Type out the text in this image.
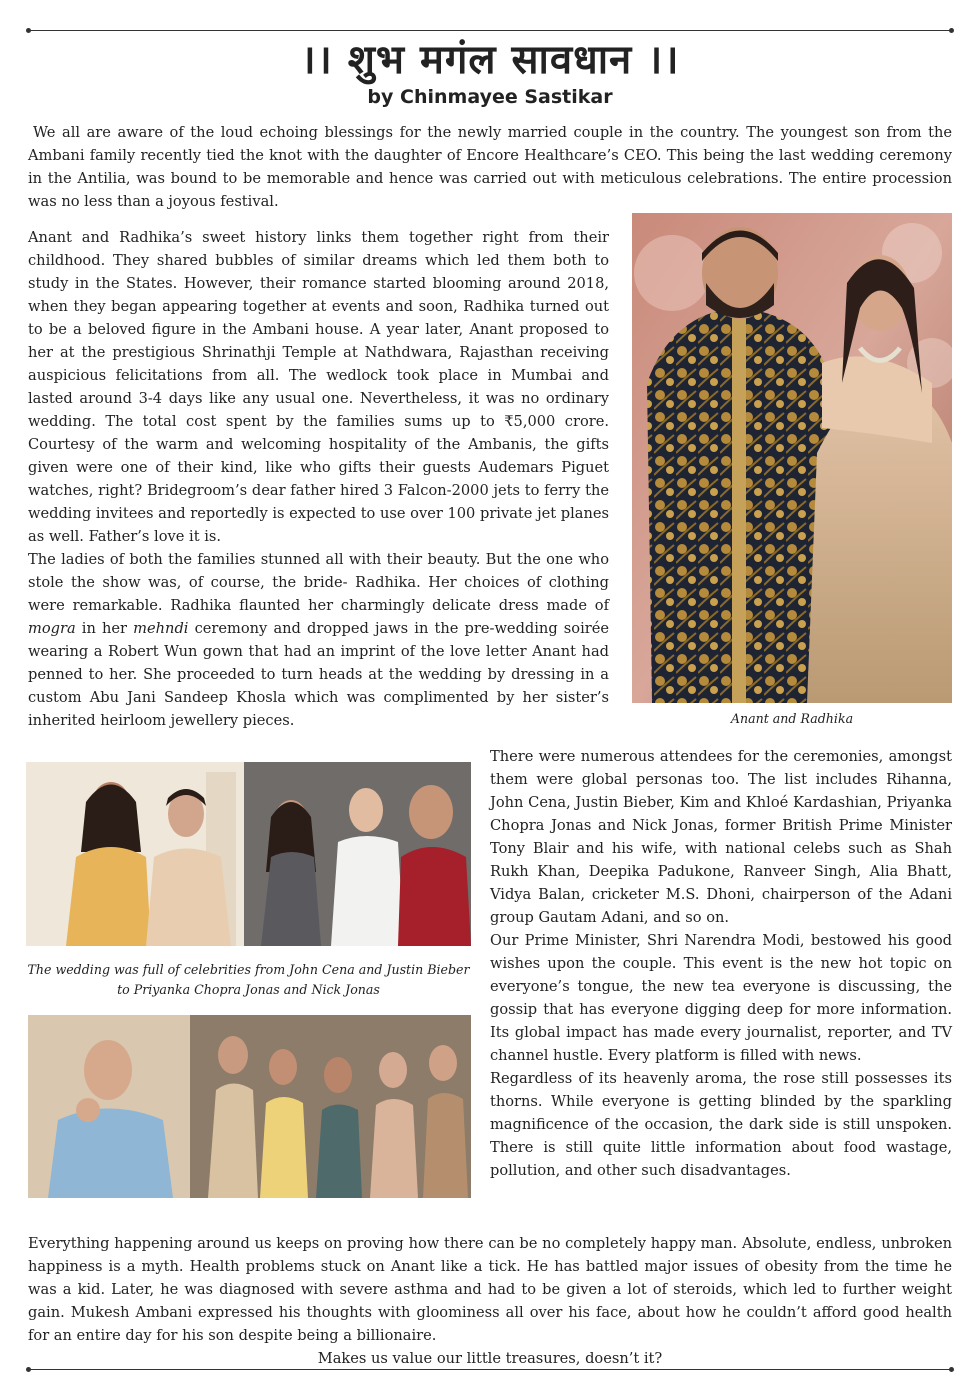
।। शुभ मगंल सावधान ।।
by Chinmayee Sastikar

We all are aware of the loud echoing blessings for the newly married couple in the country. The youngest son from the Ambani family recently tied the knot with the daughter of Encore Healthcare’s CEO. This being the last wedding ceremony in the Antilia, was bound to be memorable and hence was carried out with meticulous celebrations. The entire procession was no less than a joyous festival.

Anant and Radhika’s sweet history links them together right from their childhood. They shared bubbles of similar dreams which led them both to study in the States. However, their romance started blooming around 2018, when they began appearing together at events and soon, Radhika turned out to be a beloved figure in the Ambani house. A year later, Anant proposed to her at the prestigious Shrinathji Temple at Nathdwara, Rajasthan receiving auspicious felicitations from all. The wedlock took place in Mumbai and lasted around 3-4 days like any usual one. Nevertheless, it was no ordinary wedding. The total cost spent by the families sums up to ₹5,000 crore. Courtesy of the warm and welcoming hospitality of the Ambanis, the gifts given were one of their kind, like who gifts their guests Audemars Piguet watches, right? Bridegroom’s dear father hired 3 Falcon-2000 jets to ferry the wedding invitees and reportedly is expected to use over 100 private jet planes as well. Father’s love it is.

The ladies of both the families stunned all with their beauty. But the one who stole the show was, of course, the bride- Radhika. Her choices of clothing were remarkable. Radhika flaunted her charmingly delicate dress made of mogra in her mehndi ceremony and dropped jaws in the pre-wedding soirée wearing a Robert Wun gown that had an imprint of the love letter Anant had penned to her. She proceeded to turn heads at the wedding by dressing in a custom Abu Jani Sandeep Khosla which was complimented by her sister’s inherited heirloom jewellery pieces.	Anant and Radhika
The wedding was full of celebrities from John Cena and Justin Bieber to Priyanka Chopra Jonas and Nick Jonas

There were numerous attendees for the ceremonies, amongst them were global personas too. The list includes Rihanna, John Cena, Justin Bieber, Kim and Khloé Kardashian, Priyanka Chopra Jonas and Nick Jonas, former British Prime Minister Tony Blair and his wife, with national celebs such as Shah Rukh Khan, Deepika Padukone, Ranveer Singh, Alia Bhatt, Vidya Balan, cricketer M.S. Dhoni, chairperson of the Adani group Gautam Adani, and so on.

Our Prime Minister, Shri Narendra Modi, bestowed his good wishes upon the couple. This event is the new hot topic on everyone’s tongue, the new tea everyone is discussing, the gossip that has everyone digging deep for more information. Its global impact has made every journalist, reporter, and TV channel hustle. Every platform is filled with news.

Regardless of its heavenly aroma, the rose still possesses its thorns. While everyone is getting blinded by the sparkling magnificence of the occasion, the dark side is still unspoken. There is still quite little information about food wastage, pollution, and other such disadvantages.

Everything happening around us keeps on proving how there can be no completely happy man. Absolute, endless, unbroken happiness is a myth. Health problems stuck on Anant like a tick. He has battled major issues of obesity from the time he was a kid. Later, he was diagnosed with severe asthma and had to be given a lot of steroids, which led to further weight gain. Mukesh Ambani expressed his thoughts with gloominess all over his face, about how he couldn’t afford good health for an entire day for his son despite being a billionaire.

Makes us value our little treasures, doesn’t it?
